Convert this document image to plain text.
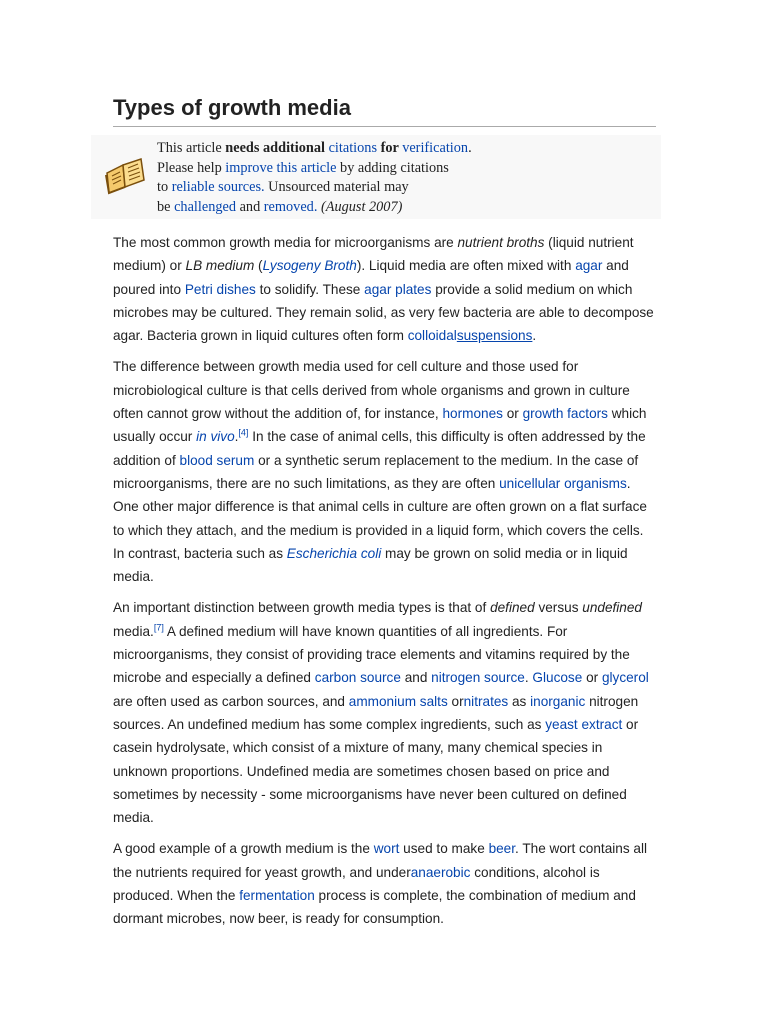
Types of growth media
This article needs additional citations for verification.
Please help improve this article by adding citations
to reliable sources. Unsourced material may
be challenged and removed. (August 2007)

The most common growth media for microorganisms are nutrient broths (liquid nutrient medium) or LB medium (Lysogeny Broth). Liquid media are often mixed with agar and poured into Petri dishes to solidify. These agar plates provide a solid medium on which microbes may be cultured. They remain solid, as very few bacteria are able to decompose agar. Bacteria grown in liquid cultures often form colloidalsuspensions.

The difference between growth media used for cell culture and those used for microbiological culture is that cells derived from whole organisms and grown in culture often cannot grow without the addition of, for instance, hormones or growth factors which usually occur in vivo.[4] In the case of animal cells, this difficulty is often addressed by the addition of blood serum or a synthetic serum replacement to the medium. In the case of microorganisms, there are no such limitations, as they are often unicellular organisms. One other major difference is that animal cells in culture are often grown on a flat surface to which they attach, and the medium is provided in a liquid form, which covers the cells. In contrast, bacteria such as Escherichia coli may be grown on solid media or in liquid media.

An important distinction between growth media types is that of defined versus undefined media.[7] A defined medium will have known quantities of all ingredients. For microorganisms, they consist of providing trace elements and vitamins required by the microbe and especially a defined carbon source and nitrogen source. Glucose or glycerol are often used as carbon sources, and ammonium salts ornitrates as inorganic nitrogen sources. An undefined medium has some complex ingredients, such as yeast extract or casein hydrolysate, which consist of a mixture of many, many chemical species in unknown proportions. Undefined media are sometimes chosen based on price and sometimes by necessity - some microorganisms have never been cultured on defined media.

A good example of a growth medium is the wort used to make beer. The wort contains all the nutrients required for yeast growth, and underanaerobic conditions, alcohol is produced. When the fermentation process is complete, the combination of medium and dormant microbes, now beer, is ready for consumption.
